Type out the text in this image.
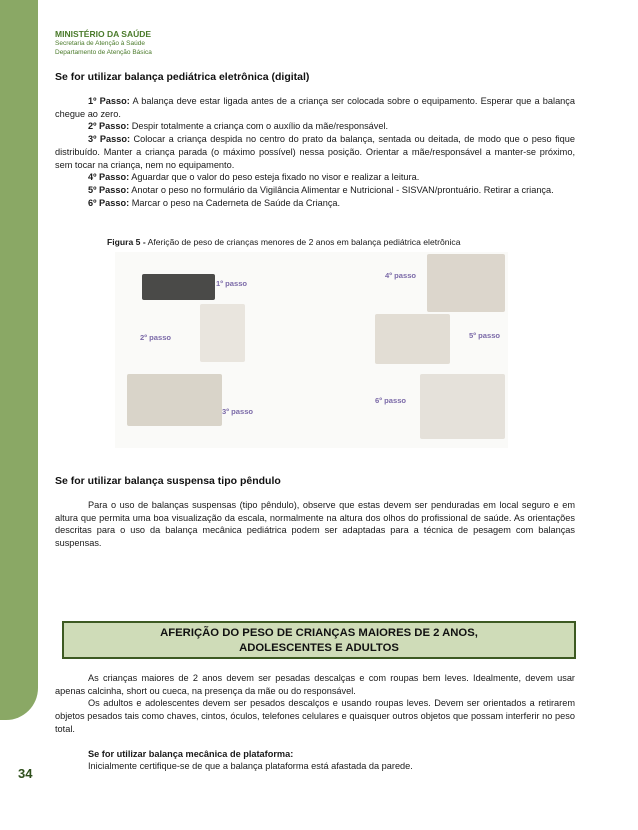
34
MINISTÉRIO DA SAÚDE
Secretaria de Atenção à Saúde
Departamento de Atenção Básica
Se for utilizar balança pediátrica eletrônica (digital)

1º Passo: A balança deve estar ligada antes de a criança ser colocada sobre o equipamento. Esperar que a balança chegue ao zero.

2º Passo: Despir totalmente a criança com o auxílio da mãe/responsável.

3º Passo: Colocar a criança despida no centro do prato da balança, sentada ou deitada, de modo que o peso fique distribuído. Manter a criança parada (o máximo possível) nessa posição. Orientar a mãe/responsável a manter-se próximo, sem tocar na criança, nem no equipamento.

4º Passo: Aguardar que o valor do peso esteja fixado no visor e realizar a leitura.

5º Passo: Anotar o peso no formulário da Vigilância Alimentar e Nutricional - SISVAN/prontuário. Retirar a criança.

6º Passo: Marcar o peso na Caderneta de Saúde da Criança.

Figura 5 - Aferição de peso de crianças menores de 2 anos em balança pediátrica eletrônica
1º passo
2º passo
3º passo
4º passo
5º passo
6º passo
Se for utilizar balança suspensa tipo pêndulo

Para o uso de balanças suspensas (tipo pêndulo), observe que estas devem ser penduradas em local seguro e em altura que permita uma boa visualização da escala, normalmente na altura dos olhos do profissional de saúde. As orientações descritas para o uso da balança mecânica pediátrica podem ser adaptadas para a técnica de pesagem com balanças suspensas.

AFERIÇÃO DO PESO DE CRIANÇAS MAIORES DE 2 ANOS,
ADOLESCENTES E ADULTOS

As crianças maiores de 2 anos devem ser pesadas descalças e com roupas bem leves. Idealmente, devem usar apenas calcinha, short ou cueca, na presença da mãe ou do responsável.

Os adultos e adolescentes devem ser pesados descalços e usando roupas leves. Devem ser orientados a retirarem objetos pesados tais como chaves, cintos, óculos, telefones celulares e quaisquer outros objetos que possam interferir no peso total.

Se for utilizar balança mecânica de plataforma:

Inicialmente certifique-se de que a balança plataforma está afastada da parede.
